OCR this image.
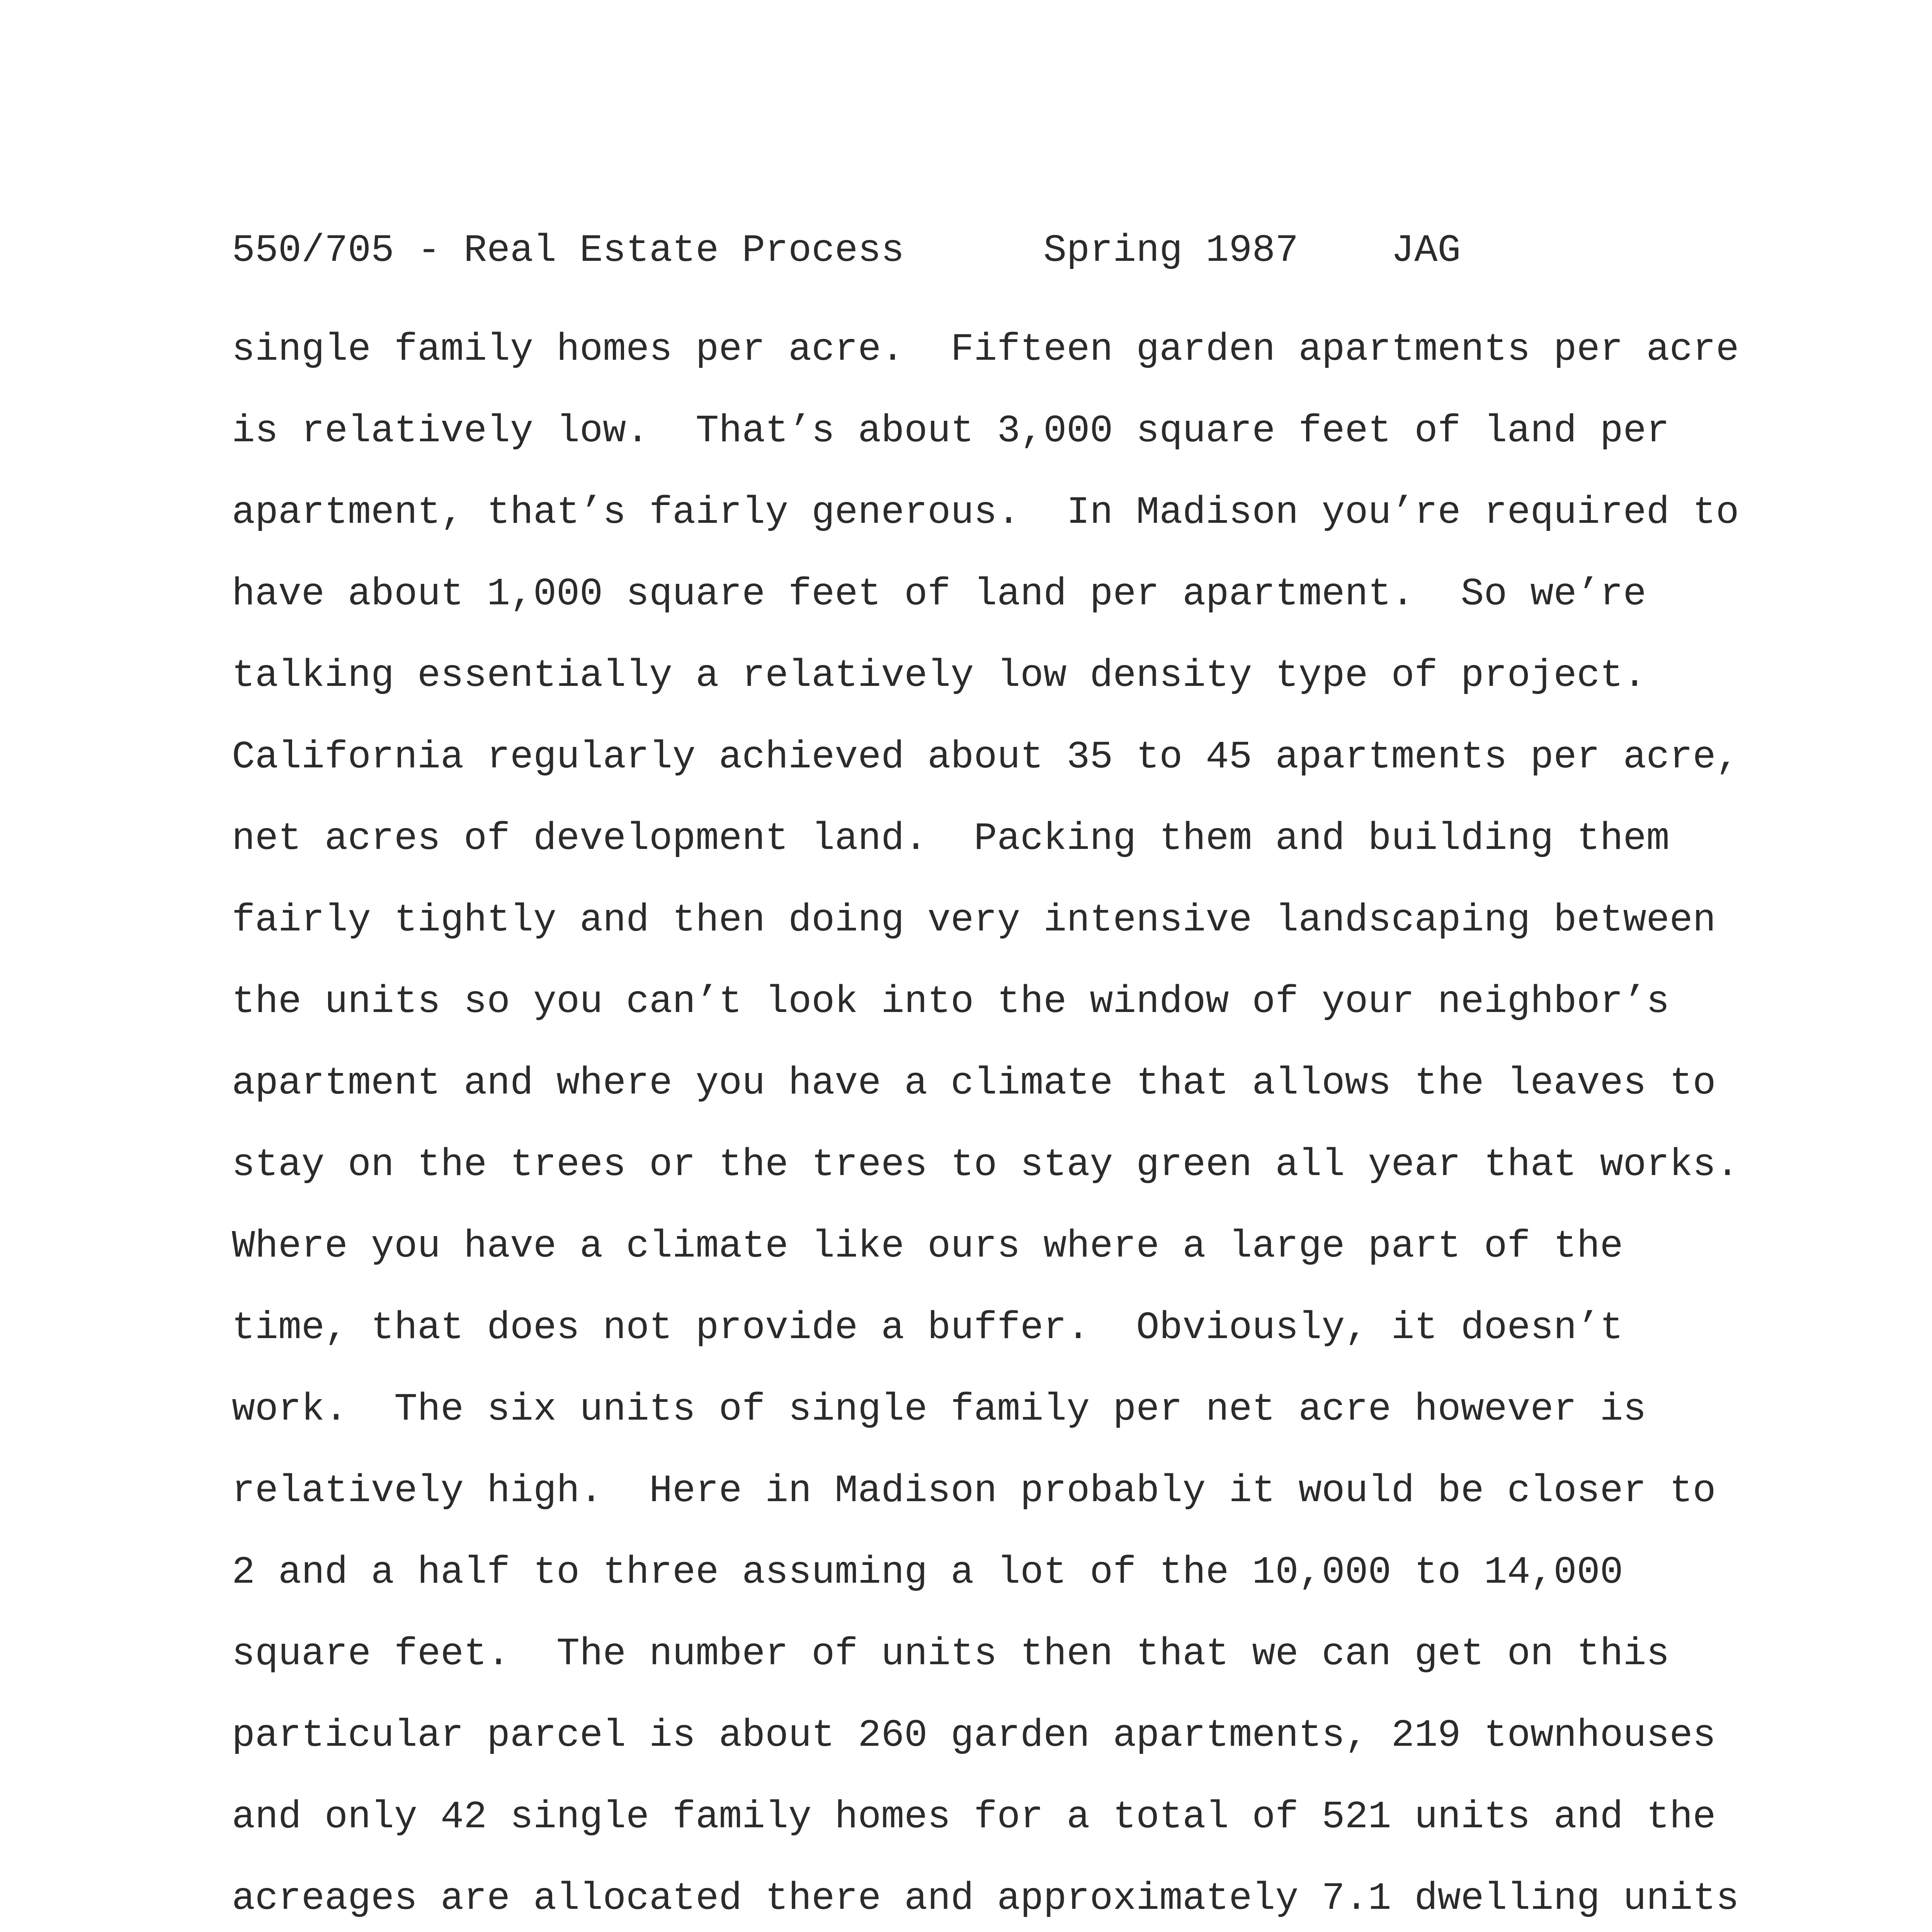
550/705 - Real Estate Process	Spring 1987 JAG
single family homes per acre.  Fifteen garden apartments per acre
is relatively low.  That’s about 3,000 square feet of land per
apartment, that’s fairly generous.  In Madison you’re required to
have about 1,000 square feet of land per apartment.  So we’re
talking essentially a relatively low density type of project.
California regularly achieved about 35 to 45 apartments per acre,
net acres of development land.  Packing them and building them
fairly tightly and then doing very intensive landscaping between
the units so you can’t look into the window of your neighbor’s
apartment and where you have a climate that allows the leaves to
stay on the trees or the trees to stay green all year that works.
Where you have a climate like ours where a large part of the
time, that does not provide a buffer.  Obviously, it doesn’t
work.  The six units of single family per net acre however is
relatively high.  Here in Madison probably it would be closer to
2 and a half to three assuming a lot of the 10,000 to 14,000
square feet.  The number of units then that we can get on this
particular parcel is about 260 garden apartments, 219 townhouses
and only 42 single family homes for a total of 521 units and the
acreages are allocated there and approximately 7.1 dwelling units
